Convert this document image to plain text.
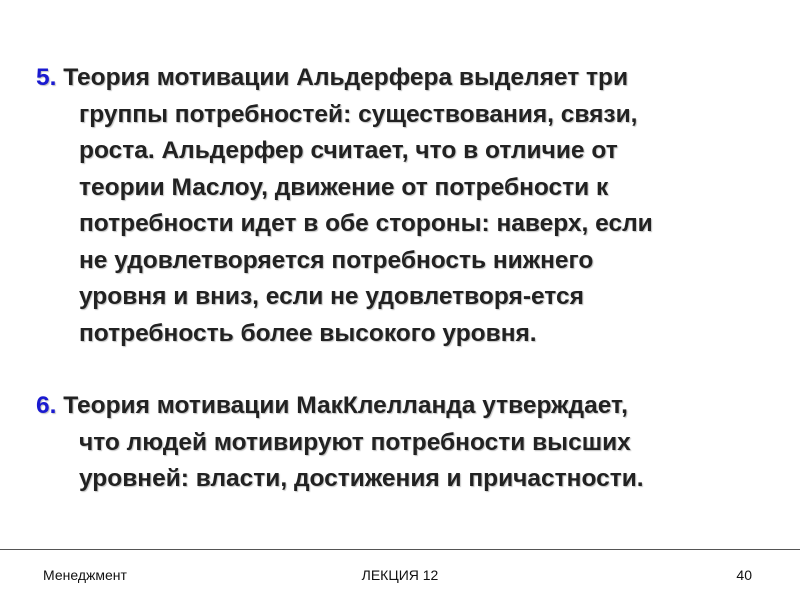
5. Теория мотивации Альдерфера выделяет три
группы потребностей: существования, связи,
роста. Альдерфер считает, что в отличие от
теории Маслоу, движение от потребности к
потребности идет в обе стороны: наверх, если
не удовлетворяется потребность нижнего
уровня и вниз, если не удовлетворя-ется
потребность более высокого уровня.

6. Теория мотивации МакКлелланда утверждает,
что людей мотивируют потребности высших
уровней: власти, достижения и причастности.

Менеджмент	ЛЕКЦИЯ 12	40
